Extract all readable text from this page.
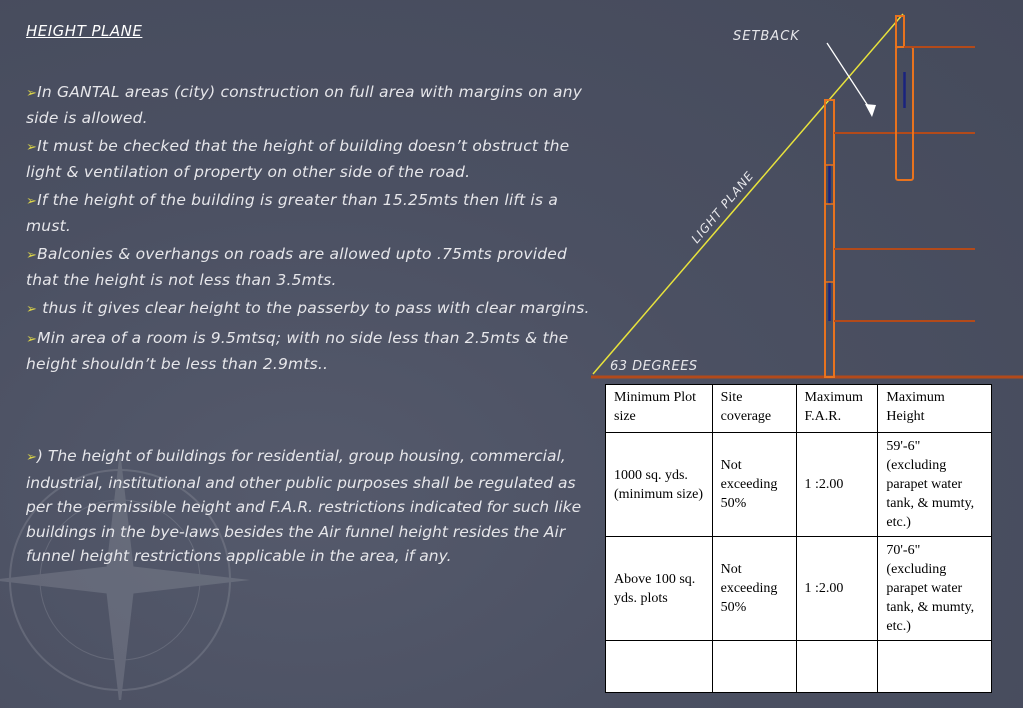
HEIGHT PLANE

➢In GANTAL areas (city) construction on full area with margins on any side is allowed.

➢It must be checked that the height of building doesn’t obstruct the light & ventilation of property on other side of the road.

➢If the height of the building is greater than 15.25mts then lift is a must.

➢Balconies & overhangs on roads are allowed upto .75mts provided that the height is not less than 3.5mts.

➢ thus it gives clear height to the passerby to pass with clear margins.

➢Min area of a room is 9.5mtsq; with no side less than 2.5mts & the height shouldn’t be less than 2.9mts..

➢) The height of buildings for residential, group housing, commercial, industrial, institutional and other public purposes shall be regulated as per the permissible height and F.A.R. restrictions indicated for such like buildings in the bye-laws besides the Air funnel height resides the Air funnel height restrictions applicable in the area, if any.
SETBACK
LIGHT PLANE
63 DEGREES
Minimum Plot size	Site coverage	Maximum F.A.R.	Maximum Height
1000 sq. yds. (minimum size)	Not exceeding 50%	1 :2.00	59'-6" (excluding parapet water tank, & mumty, etc.)
Above 100 sq. yds. plots	Not exceeding 50%	1 :2.00	70'-6" (excluding parapet water tank, & mumty, etc.)
